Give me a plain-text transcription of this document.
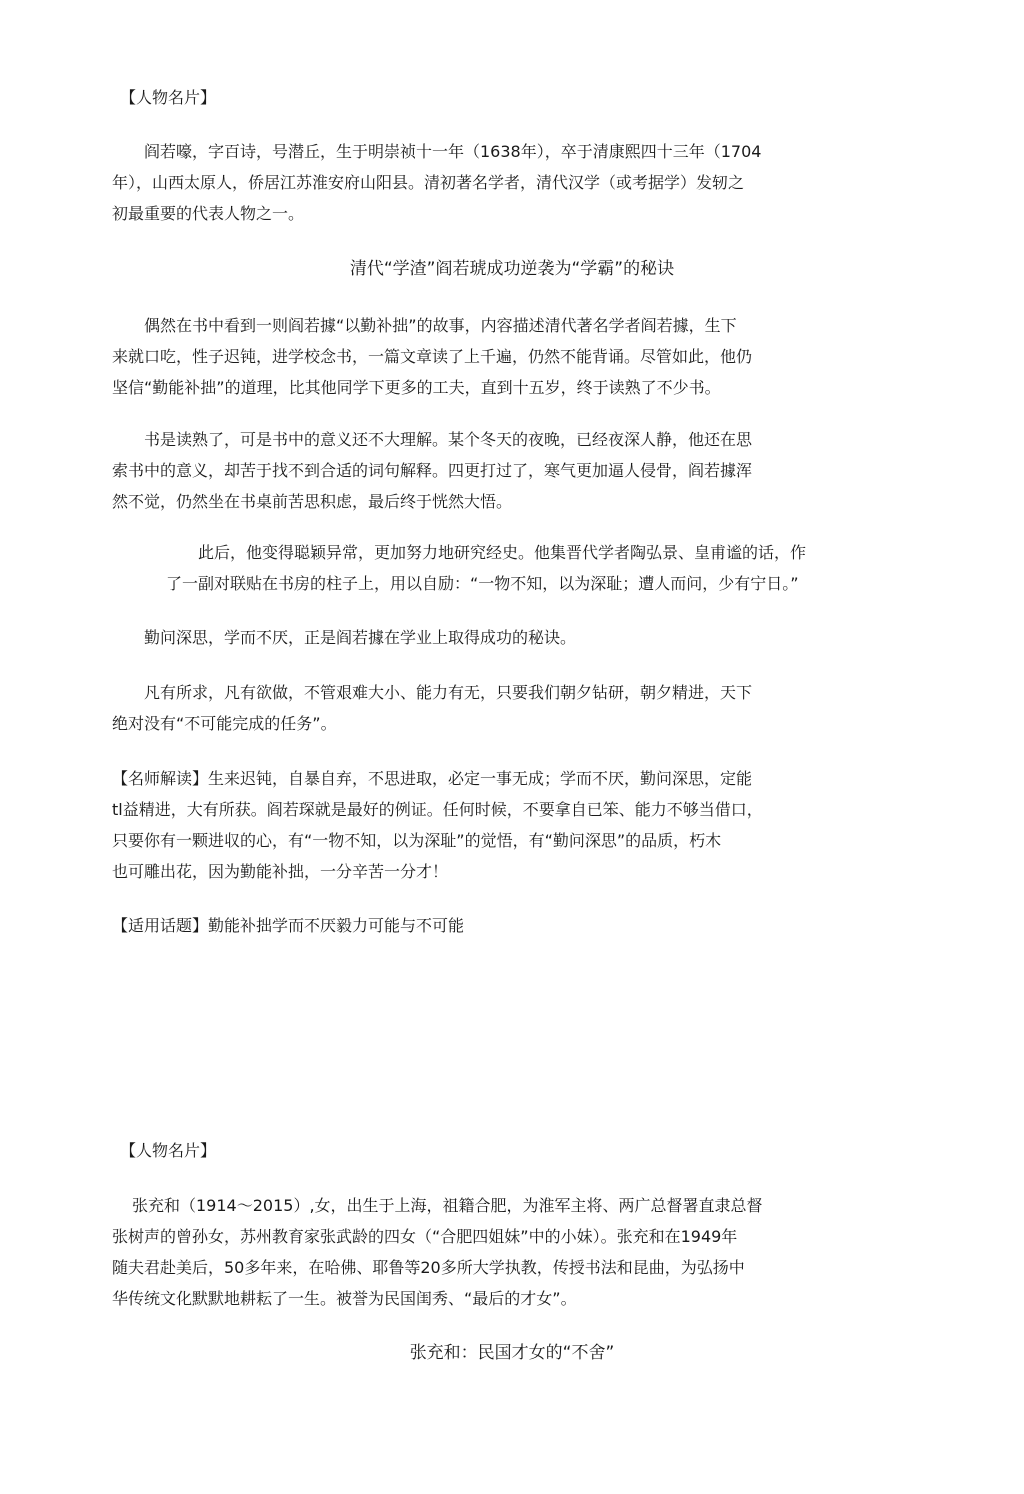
【人物名片】
阎若嚎，字百诗，号潜丘，生于明崇祯十一年（1638年），卒于清康熙四十三年（1704
年），山西太原人，侨居江苏淮安府山阳县。清初著名学者，清代汉学（或考据学）发轫之
初最重要的代表人物之一。
清代“学渣”阎若琥成功逆袭为“学霸”的秘诀
偶然在书中看到一则阎若據“以勤补拙”的故事，内容描述清代著名学者阎若據，生下
来就口吃，性子迟钝，进学校念书，一篇文章读了上千遍，仍然不能背诵。尽管如此，他仍
坚信“勤能补拙”的道理，比其他同学下更多的工夫，直到十五岁，终于读熟了不少书。
书是读熟了，可是书中的意义还不大理解。某个冬天的夜晚，已经夜深人静，他还在思
索书中的意义，却苦于找不到合适的词句解释。四更打过了，寒气更加逼人侵骨，阎若據浑
然不觉，仍然坐在书桌前苦思积虑，最后终于恍然大悟。
此后，他变得聪颖异常，更加努力地研究经史。他集晋代学者陶弘景、皇甫谧的话，作
了一副对联贴在书房的柱子上，用以自励：“一物不知，以为深耻；遭人而问，少有宁日。”
勤问深思，学而不厌，正是阎若據在学业上取得成功的秘诀。
凡有所求，凡有欲做，不管艰难大小、能力有无，只要我们朝夕钻研，朝夕精进，天下
绝对没有“不可能完成的任务”。
【名师解读】生来迟钝，自暴自弃，不思进取，必定一事无成；学而不厌，勤问深思，定能
tl益精进，大有所获。阎若琛就是最好的例证。任何时候，不要拿自已笨、能力不够当借口，
只要你有一颗进収的心，有“一物不知，以为深耻”的觉悟，有“勤问深思”的品质，朽木
也可雕出花，因为勤能补拙，一分辛苦一分才！
【适用话题】勤能补拙学而不厌毅力可能与不可能
【人物名片】
张充和（1914～2015）,女，出生于上海，祖籍合肥，为淮军主将、两广总督署直隶总督
张树声的曾孙女，苏州教育家张武龄的四女（“合肥四姐妹”中的小妹）。张充和在1949年
随夫君赴美后，50多年来，在哈佛、耶鲁等20多所大学执教，传授书法和昆曲，为弘扬中
华传统文化默默地耕耘了一生。被誉为民国闺秀、“最后的才女”。
张充和：民国才女的“不舍”
